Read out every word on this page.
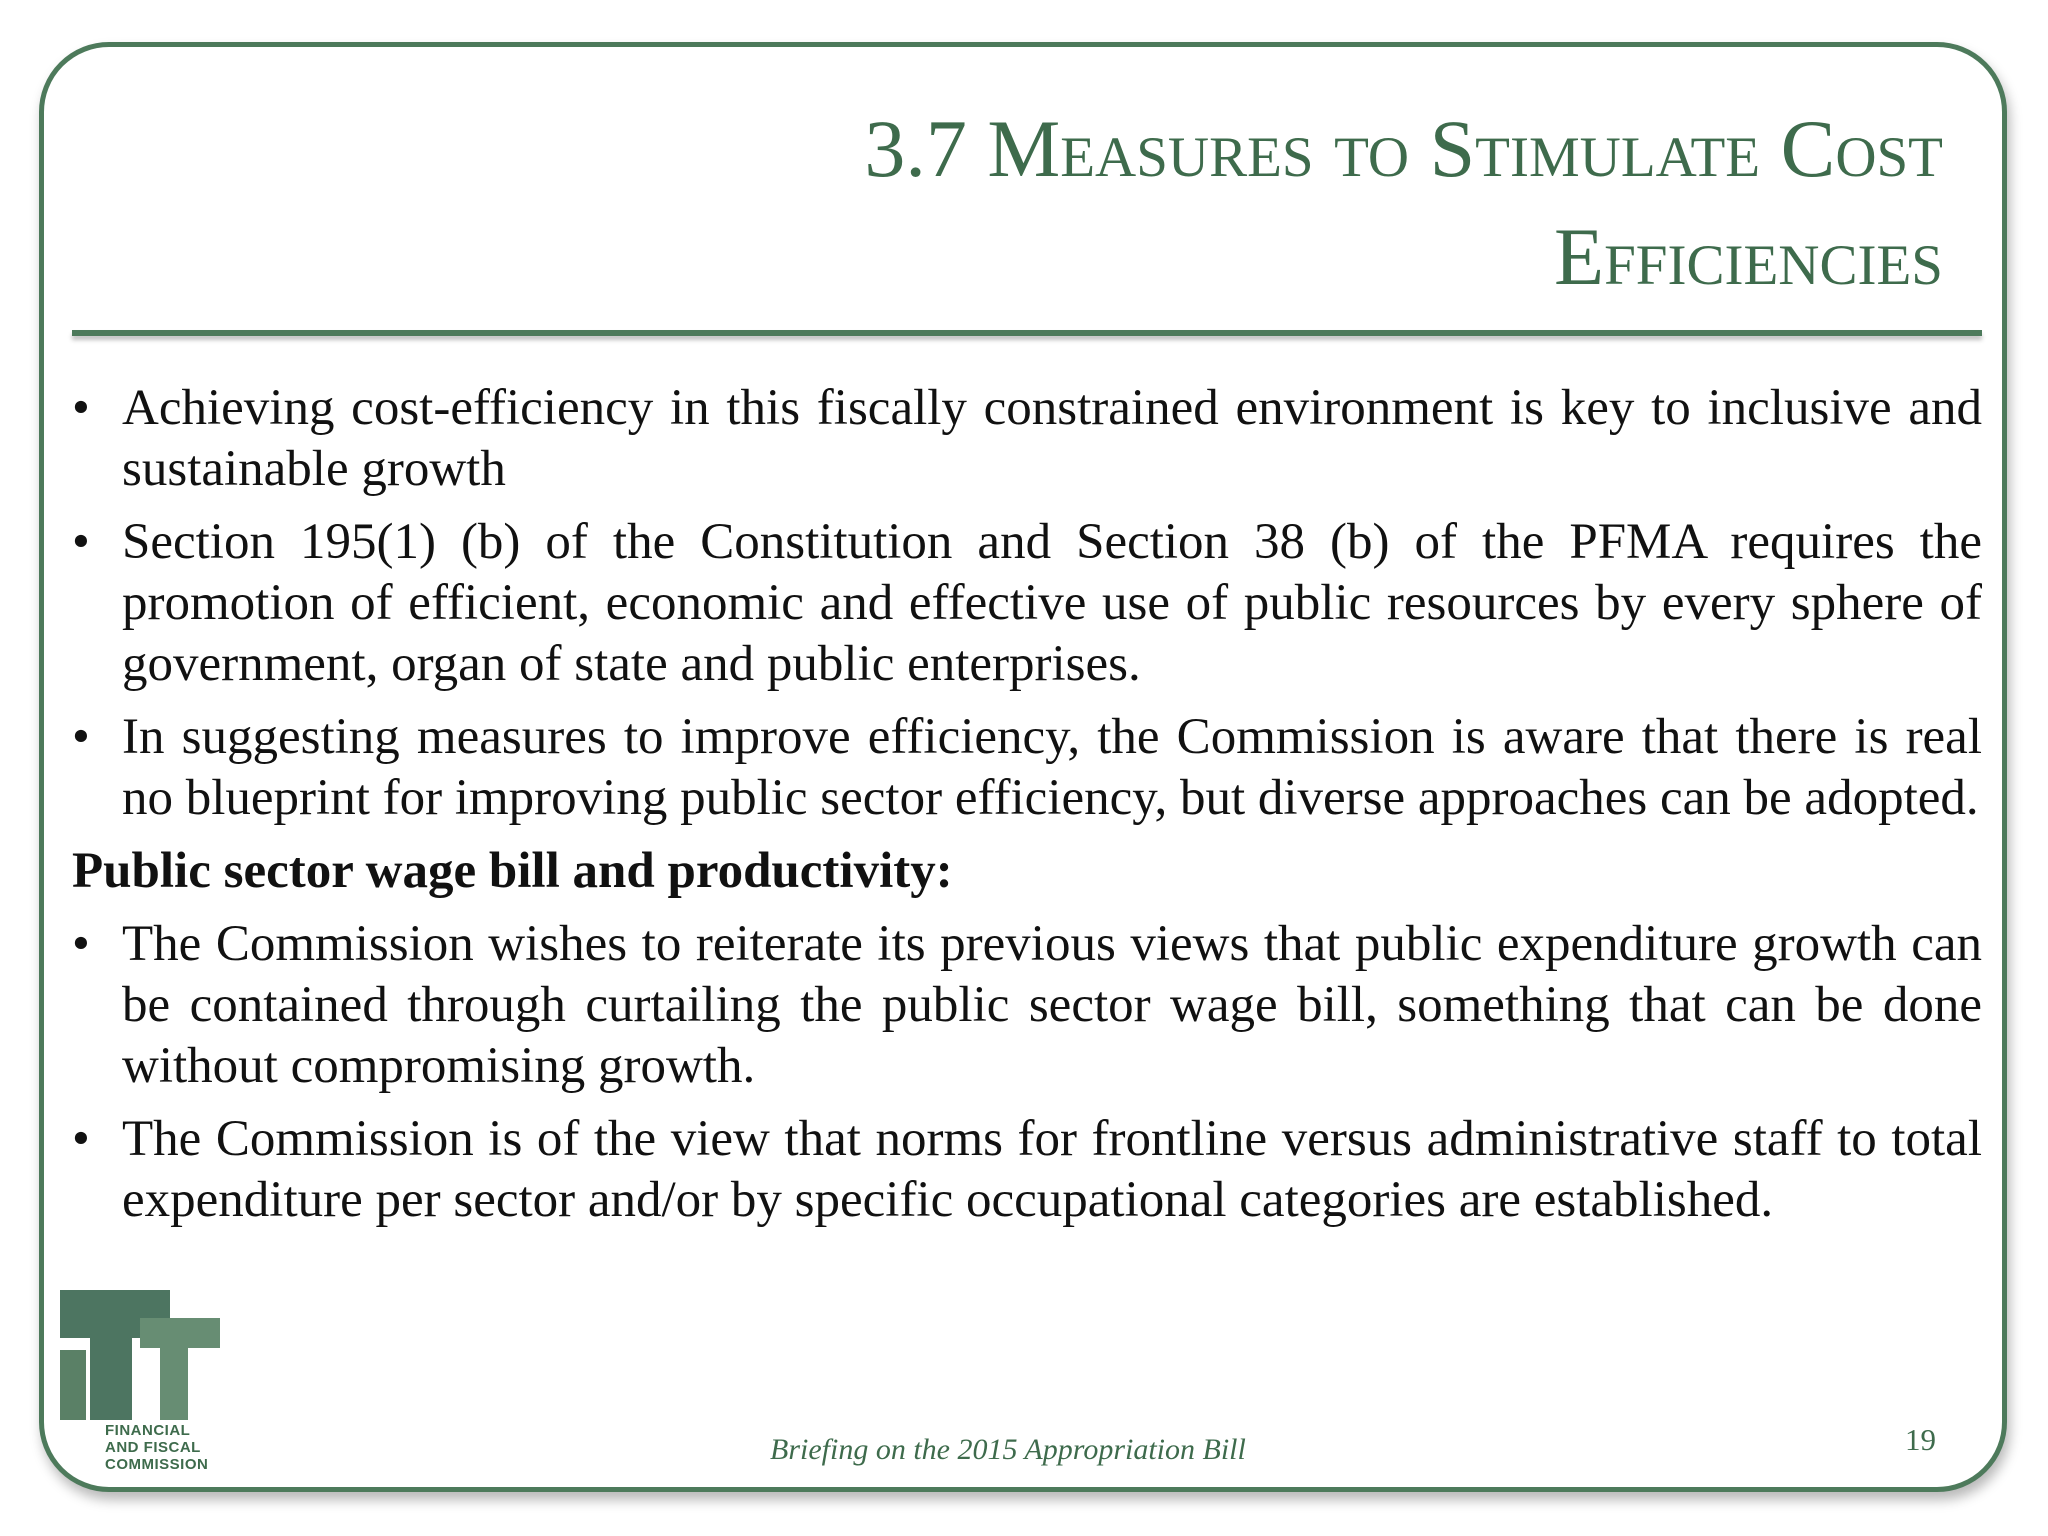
3.7 Measures to Stimulate Cost
Efficiencies
• Achieving cost-efficiency in this fiscally constrained environment is key to inclusive and sustainable growth
• Section 195(1) (b) of the Constitution and Section 38 (b) of the PFMA requires the promotion of efficient, economic and effective use of public resources by every sphere of government, organ of state and public enterprises.
• In suggesting measures to improve efficiency, the Commission is aware that there is real no blueprint for improving public sector efficiency, but diverse approaches can be adopted.
Public sector wage bill and productivity:
• The Commission wishes to reiterate its previous views that public expenditure growth can be contained through curtailing the public sector wage bill, something that can be done without compromising growth.
• The Commission is of the view that norms for frontline versus administrative staff to total expenditure per sector and/or by specific occupational categories are established.
FINANCIAL
AND FISCAL
COMMISSION	Briefing on the 2015 Appropriation Bill	19
